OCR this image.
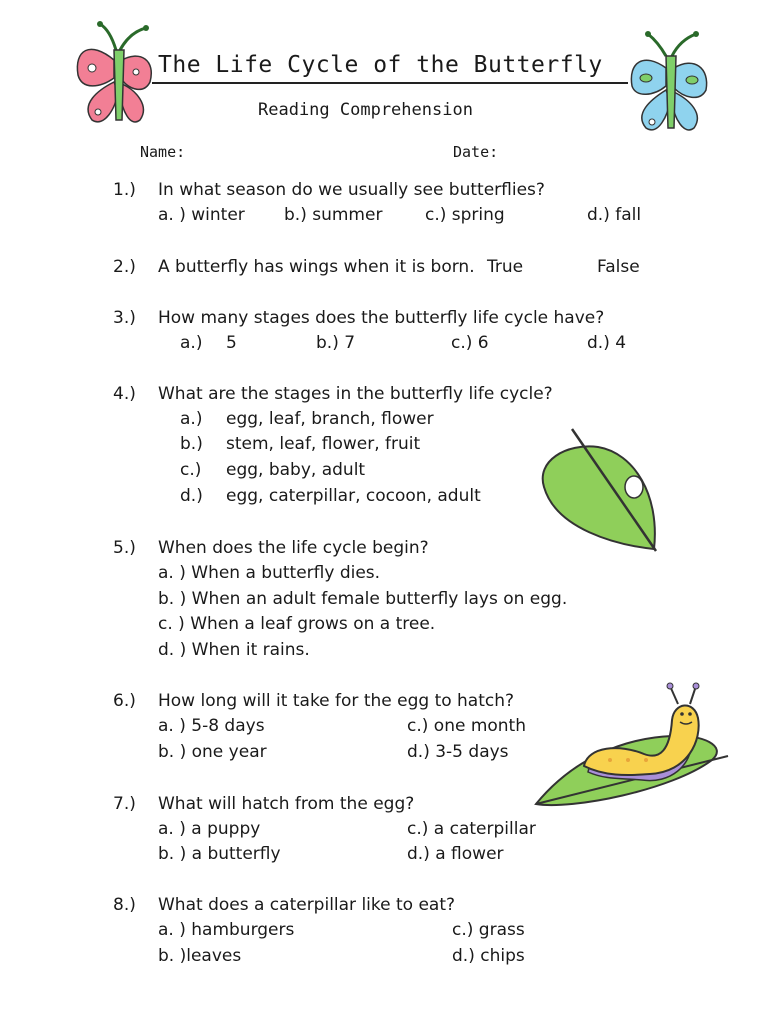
The Life Cycle of the Butterfly
Reading Comprehension
Name:	Date:
1.) In what season do we usually see butterflies?
a. ) winter b.) summer	c.) spring	d.) fall
2.) A butterfly has wings when it is born. True	False
3.) How many stages does the butterfly life cycle have?
a.) 5	b.) 7	c.) 6	d.) 4
4.) What are the stages in the butterfly life cycle?
a.) egg, leaf, branch, flower
b.) stem, leaf, flower, fruit
c.) egg, baby, adult
d.) egg, caterpillar, cocoon, adult
5.) When does the life cycle begin?
a. ) When a butterfly dies.
b. ) When an adult female butterfly lays on egg.
c. ) When a leaf grows on a tree.
d. ) When it rains.
6.) How long will it take for the egg to hatch?
a. ) 5-8 days	c.) one month
b. ) one year	d.) 3-5 days
7.) What will hatch from the egg?
a. ) a puppy	c.) a caterpillar
b. ) a butterfly	d.) a flower
8.) What does a caterpillar like to eat?
a. ) hamburgers	c.) grass
b. )leaves	d.) chips
